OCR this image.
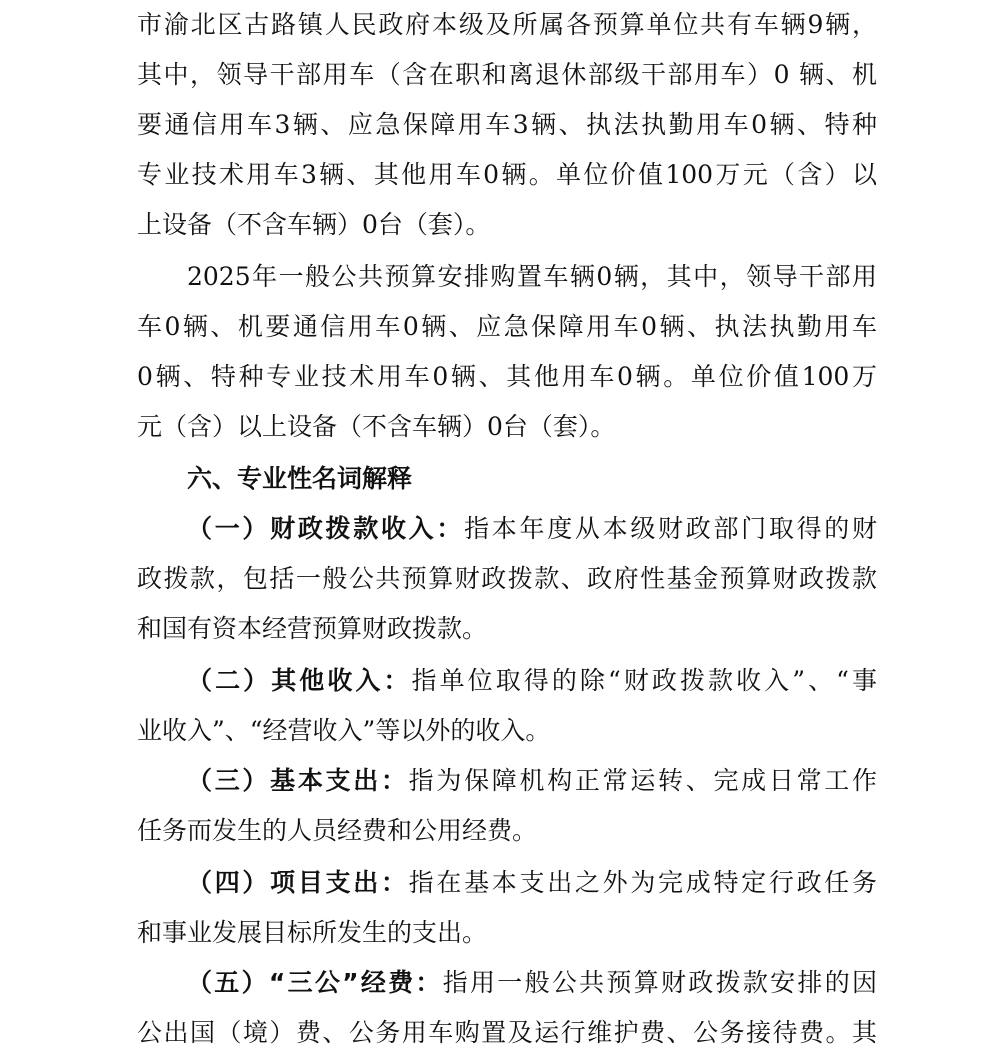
市渝北区古路镇人民政府本级及所属各预算单位共有车辆9辆，
其中，领导干部用车（含在职和离退休部级干部用车）0 辆、机
要通信用车3辆、应急保障用车3辆、执法执勤用车0辆、特种
专业技术用车3辆、其他用车0辆。单位价值100万元（含）以
上设备（不含车辆）0台（套）。
2025年一般公共预算安排购置车辆0辆，其中，领导干部用
车0辆、机要通信用车0辆、应急保障用车0辆、执法执勤用车
0辆、特种专业技术用车0辆、其他用车0辆。单位价值100万
元（含）以上设备（不含车辆）0台（套）。
六、专业性名词解释
（一）财政拨款收入：指本年度从本级财政部门取得的财
政拨款，包括一般公共预算财政拨款、政府性基金预算财政拨款
和国有资本经营预算财政拨款。
（二）其他收入：指单位取得的除“财政拨款收入”、“事
业收入”、“经营收入”等以外的收入。
（三）基本支出：指为保障机构正常运转、完成日常工作
任务而发生的人员经费和公用经费。
（四）项目支出：指在基本支出之外为完成特定行政任务
和事业发展目标所发生的支出。
（五）“三公”经费：指用一般公共预算财政拨款安排的因
公出国（境）费、公务用车购置及运行维护费、公务接待费。其
